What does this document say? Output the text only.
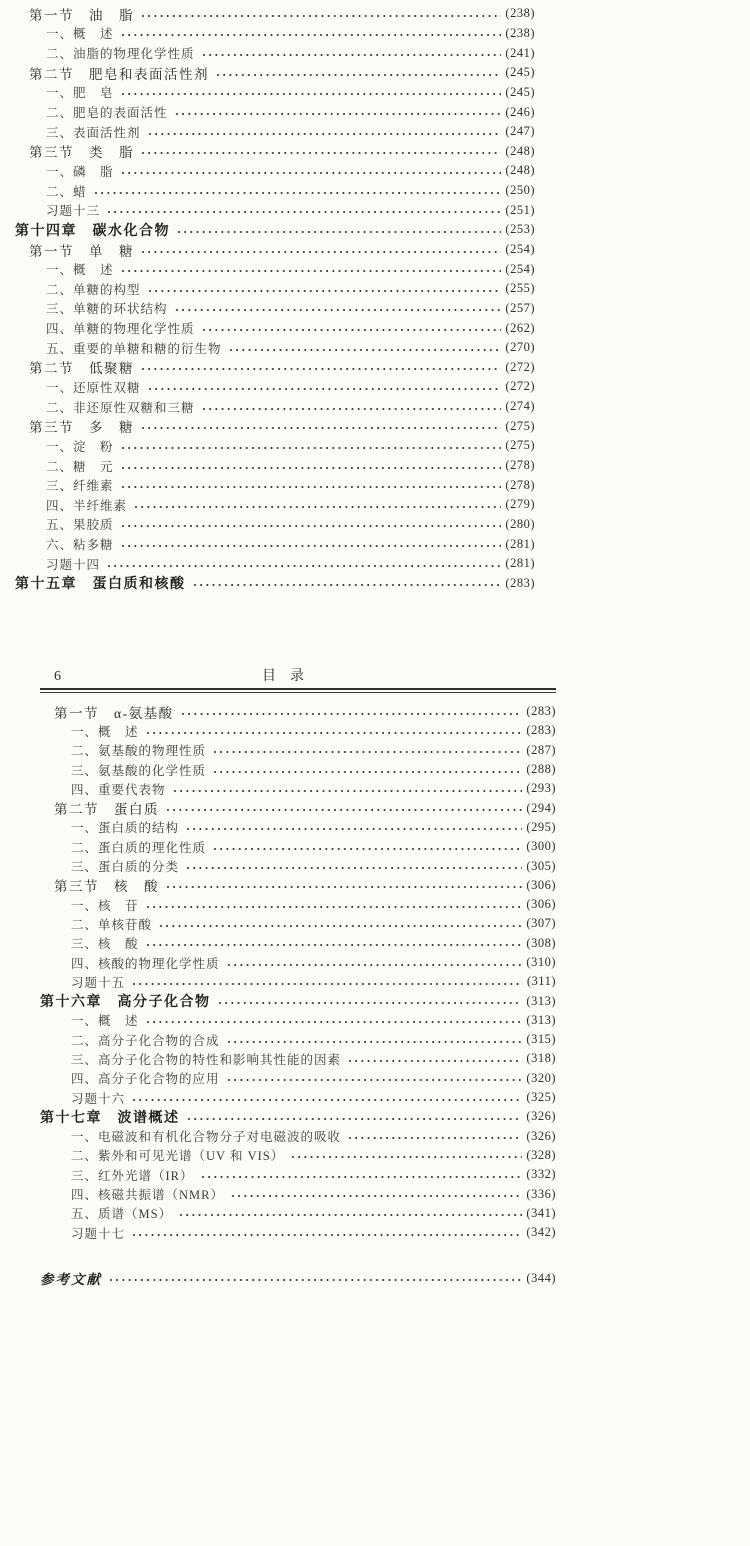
第一节　油　脂	(238)
一、概　述	(238)
二、油脂的物理化学性质	(241)
第二节　肥皂和表面活性剂	(245)
一、肥　皂	(245)
二、肥皂的表面活性	(246)
三、表面活性剂	(247)
第三节　类　脂	(248)
一、磷　脂	(248)
二、蜡	(250)
习题十三	(251)
第十四章　碳水化合物	(253)
第一节　单　糖	(254)
一、概　述	(254)
二、单糖的构型	(255)
三、单糖的环状结构	(257)
四、单糖的物理化学性质	(262)
五、重要的单糖和糖的衍生物	(270)
第二节　低聚糖	(272)
一、还原性双糖	(272)
二、非还原性双糖和三糖	(274)
第三节　多　糖	(275)
一、淀　粉	(275)
二、糖　元	(278)
三、纤维素	(278)
四、半纤维素	(279)
五、果胶质	(280)
六、粘多糖	(281)
习题十四	(281)
第十五章　蛋白质和核酸	(283)
6	目　录
第一节　α-氨基酸	(283)
一、概　述	(283)
二、氨基酸的物理性质	(287)
三、氨基酸的化学性质	(288)
四、重要代表物	(293)
第二节　蛋白质	(294)
一、蛋白质的结构	(295)
二、蛋白质的理化性质	(300)
三、蛋白质的分类	(305)
第三节　核　酸	(306)
一、核　苷	(306)
二、单核苷酸	(307)
三、核　酸	(308)
四、核酸的物理化学性质	(310)
习题十五	(311)
第十六章　高分子化合物	(313)
一、概　述	(313)
二、高分子化合物的合成	(315)
三、高分子化合物的特性和影响其性能的因素	(318)
四、高分子化合物的应用	(320)
习题十六	(325)
第十七章　波谱概述	(326)
一、电磁波和有机化合物分子对电磁波的吸收	(326)
二、紫外和可见光谱（UV 和 VIS）	(328)
三、红外光谱（IR）	(332)
四、核磁共振谱（NMR）	(336)
五、质谱（MS）	(341)
习题十七	(342)
参考文献	(344)
